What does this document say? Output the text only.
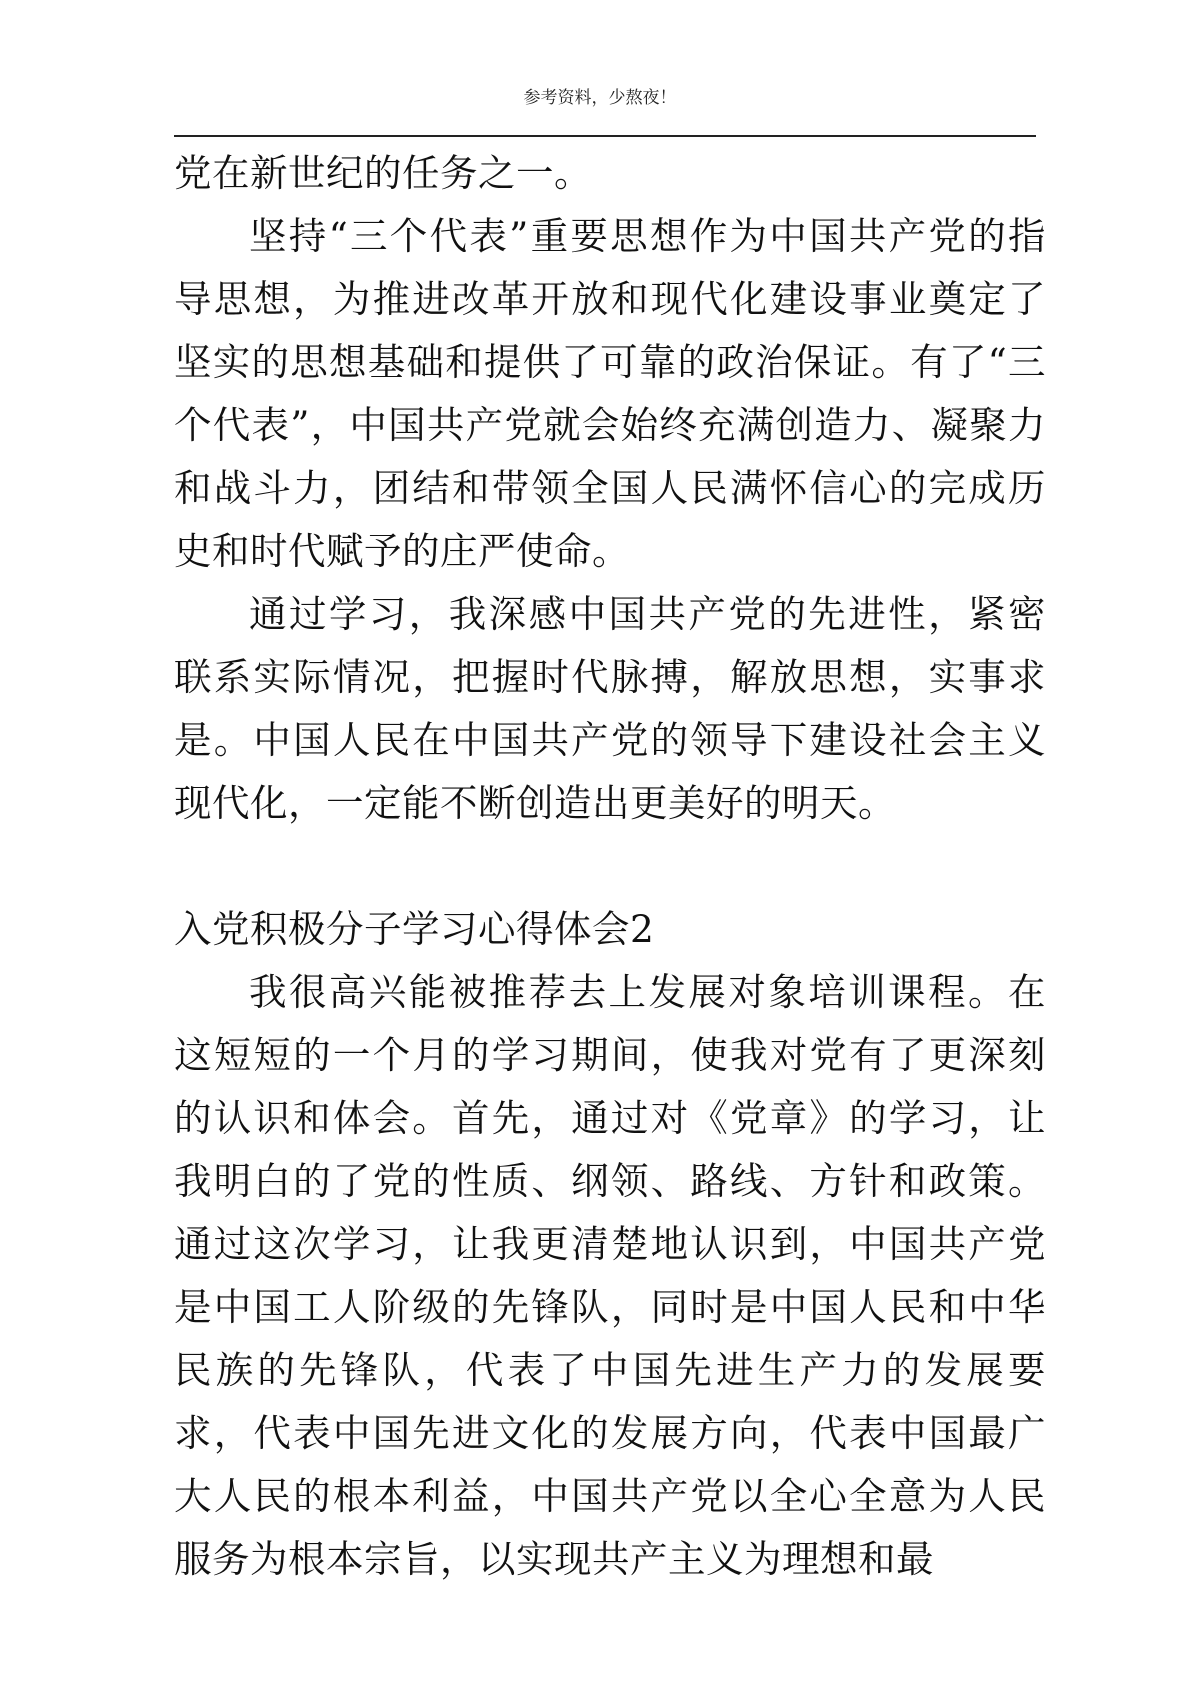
参考资料，少熬夜！

党在新世纪的任务之一。

坚持“三个代表”重要思想作为中国共产党的指导思想，为推进改革开放和现代化建设事业奠定了坚实的思想基础和提供了可靠的政治保证。有了“三个代表”，中国共产党就会始终充满创造力、凝聚力和战斗力，团结和带领全国人民满怀信心的完成历史和时代赋予的庄严使命。

通过学习，我深感中国共产党的先进性，紧密联系实际情况，把握时代脉搏，解放思想，实事求是。中国人民在中国共产党的领导下建设社会主义现代化，一定能不断创造出更美好的明天。

入党积极分子学习心得体会2

我很高兴能被推荐去上发展对象培训课程。在这短短的一个月的学习期间，使我对党有了更深刻的认识和体会。首先，通过对《党章》的学习，让我明白的了党的性质、纲领、路线、方针和政策。通过这次学习，让我更清楚地认识到，中国共产党是中国工人阶级的先锋队，同时是中国人民和中华民族的先锋队，代表了中国先进生产力的发展要求，代表中国先进文化的发展方向，代表中国最广大人民的根本利益，中国共产党以全心全意为人民服务为根本宗旨，以实现共产主义为理想和最
